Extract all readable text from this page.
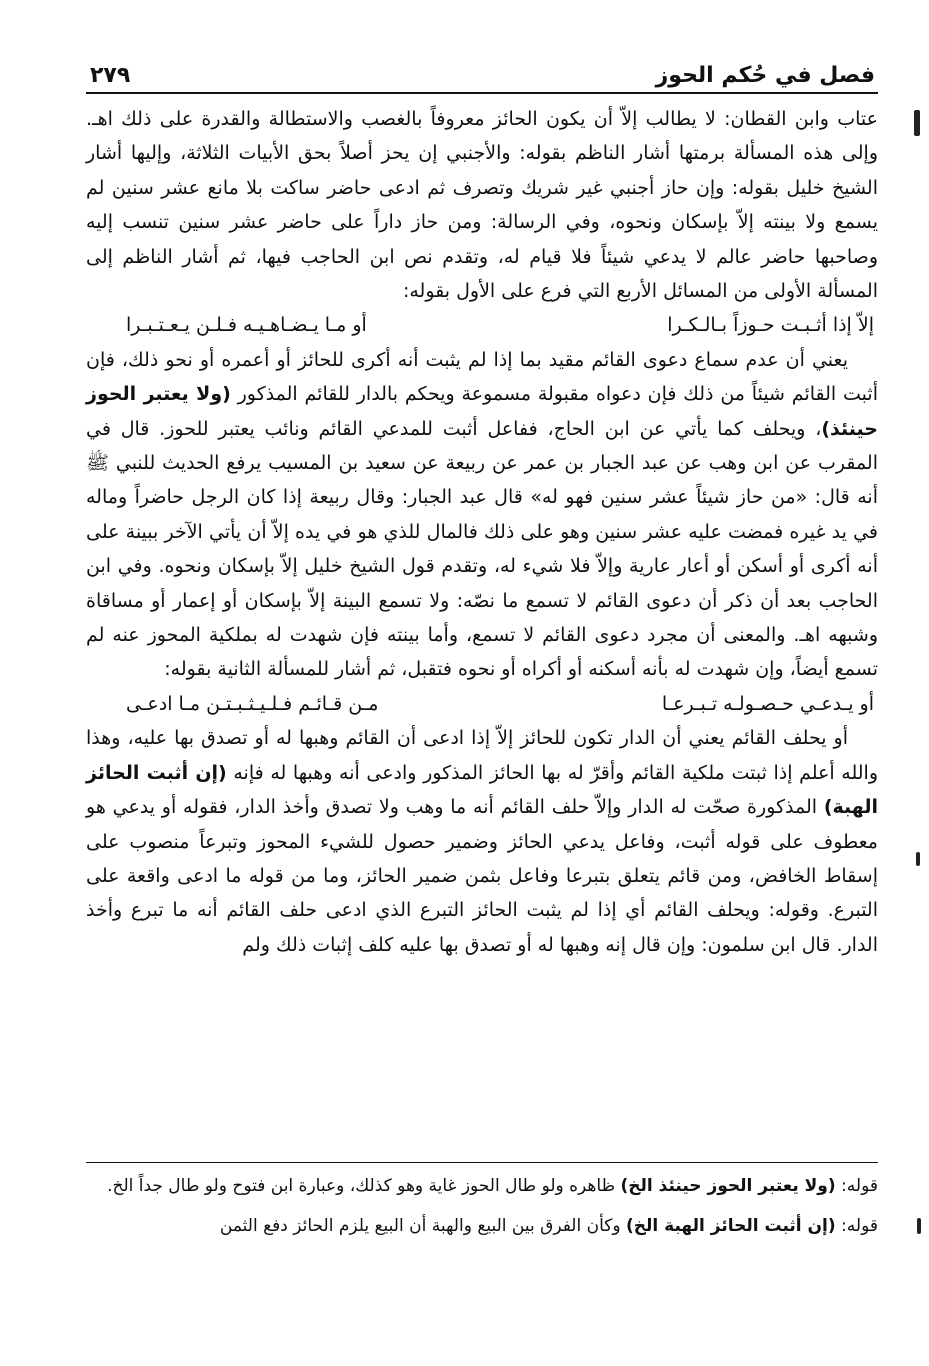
فصل في حُكم الحوز
٢٧٩

عتاب وابن القطان: لا يطالب إلاّ أن يكون الحائز معروفاً بالغصب والاستطالة والقدرة على ذلك اهـ. وإلى هذه المسألة برمتها أشار الناظم بقوله: والأجنبي إن يحز أصلاً بحق الأبيات الثلاثة، وإليها أشار الشيخ خليل بقوله: وإن حاز أجنبي غير شريك وتصرف ثم ادعى حاضر ساكت بلا مانع عشر سنين لم يسمع ولا بينته إلاّ بإسكان ونحوه، وفي الرسالة: ومن حاز داراً على حاضر عشر سنين تنسب إليه وصاحبها حاضر عالم لا يدعي شيئاً فلا قيام له، وتقدم نص ابن الحاجب فيها، ثم أشار الناظم إلى المسألة الأولى من المسائل الأربع التي فرع على الأول بقوله:

إلاّ إذا أثـبـت حـوزاً بـالـكـرا
أو مـا يـضـاهـيـه فـلـن يـعـتـبـرا

يعني أن عدم سماع دعوى القائم مقيد بما إذا لم يثبت أنه أكرى للحائز أو أعمره أو نحو ذلك، فإن أثبت القائم شيئاً من ذلك فإن دعواه مقبولة مسموعة ويحكم بالدار للقائم المذكور (ولا يعتبر الحوز حينئذ)، ويحلف كما يأتي عن ابن الحاج، ففاعل أثبت للمدعي القائم ونائب يعتبر للحوز. قال في المقرب عن ابن وهب عن عبد الجبار بن عمر عن ربيعة عن سعيد بن المسيب يرفع الحديث للنبي ﷺ أنه قال: «من حاز شيئاً عشر سنين فهو له» قال عبد الجبار: وقال ربيعة إذا كان الرجل حاضراً وماله في يد غيره فمضت عليه عشر سنين وهو على ذلك فالمال للذي هو في يده إلاّ أن يأتي الآخر ببينة على أنه أكرى أو أسكن أو أعار عارية وإلاّ فلا شيء له، وتقدم قول الشيخ خليل إلاّ بإسكان ونحوه. وفي ابن الحاجب بعد أن ذكر أن دعوى القائم لا تسمع ما نصّه: ولا تسمع البينة إلاّ بإسكان أو إعمار أو مساقاة وشبهه اهـ. والمعنى أن مجرد دعوى القائم لا تسمع، وأما بينته فإن شهدت له بملكية المحوز عنه لم تسمع أيضاً، وإن شهدت له بأنه أسكنه أو أكراه أو نحوه فتقبل، ثم أشار للمسألة الثانية بقوله:

أو يـدعـي حـصـولـه تـبـرعـا
مـن قـائـم فـلـيـثـبـتـن مـا ادعـى

أو يحلف القائم يعني أن الدار تكون للحائز إلاّ إذا ادعى أن القائم وهبها له أو تصدق بها عليه، وهذا والله أعلم إذا ثبتت ملكية القائم وأقرّ له بها الحائز المذكور وادعى أنه وهبها له فإنه (إن أثبت الحائز الهبة) المذكورة صحّت له الدار وإلاّ حلف القائم أنه ما وهب ولا تصدق وأخذ الدار، فقوله أو يدعي هو معطوف على قوله أثبت، وفاعل يدعي الحائز وضمير حصول للشيء المحوز وتبرعاً منصوب على إسقاط الخافض، ومن قائم يتعلق بتبرعا وفاعل بثمن ضمير الحائز، وما من قوله ما ادعى واقعة على التبرع. وقوله: ويحلف القائم أي إذا لم يثبت الحائز التبرع الذي ادعى حلف القائم أنه ما تبرع وأخذ الدار. قال ابن سلمون: وإن قال إنه وهبها له أو تصدق بها عليه كلف إثبات ذلك ولم

قوله: (ولا يعتبر الحوز حينئذ الخ) ظاهره ولو طال الحوز غاية وهو كذلك، وعبارة ابن فتوح ولو طال جداً الخ.

قوله: (إن أثبت الحائز الهبة الخ) وكأن الفرق بين البيع والهبة أن البيع يلزم الحائز دفع الثمن
